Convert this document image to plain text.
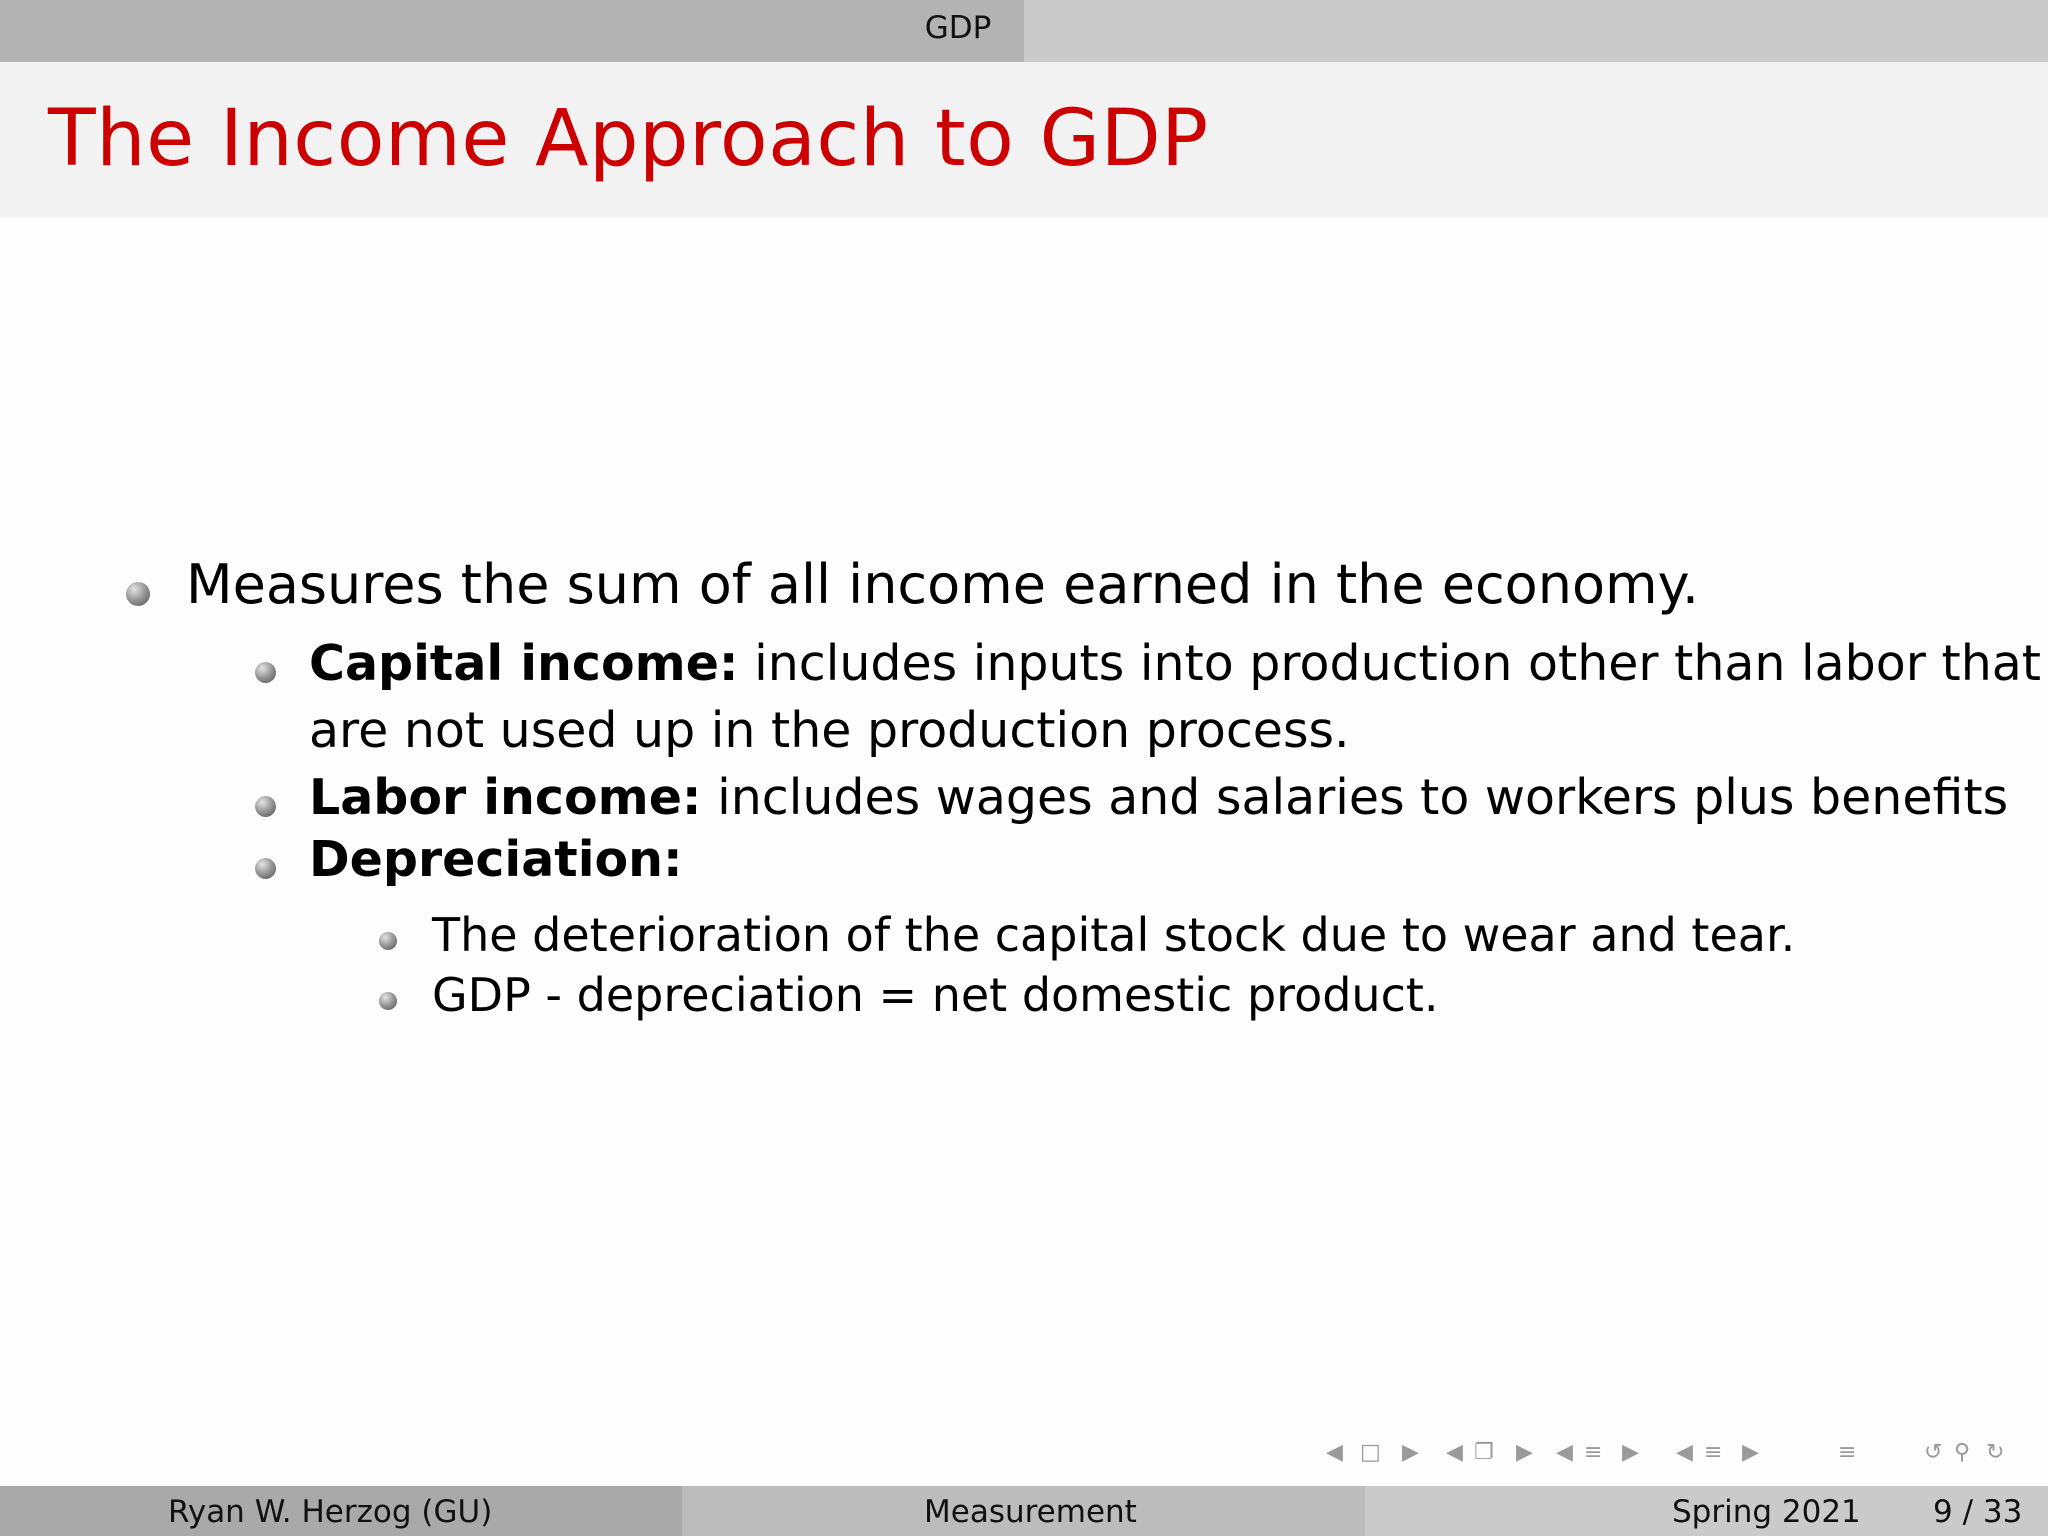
GDP
The Income Approach to GDP
Measures the sum of all income earned in the economy.
Capital income: includes inputs into production other than labor that
are not used up in the production process.
Labor income: includes wages and salaries to workers plus benefits
Depreciation:
The deterioration of the capital stock due to wear and tear.
GDP - depreciation = net domestic product.
◀ □ ▶ ◀ ❐ ▶ ◀ ≡ ▶ ◀ ≡ ▶	≡	↺ ⚲ ↻
Ryan W. Herzog (GU)	Measurement	Spring 2021 9 / 33
